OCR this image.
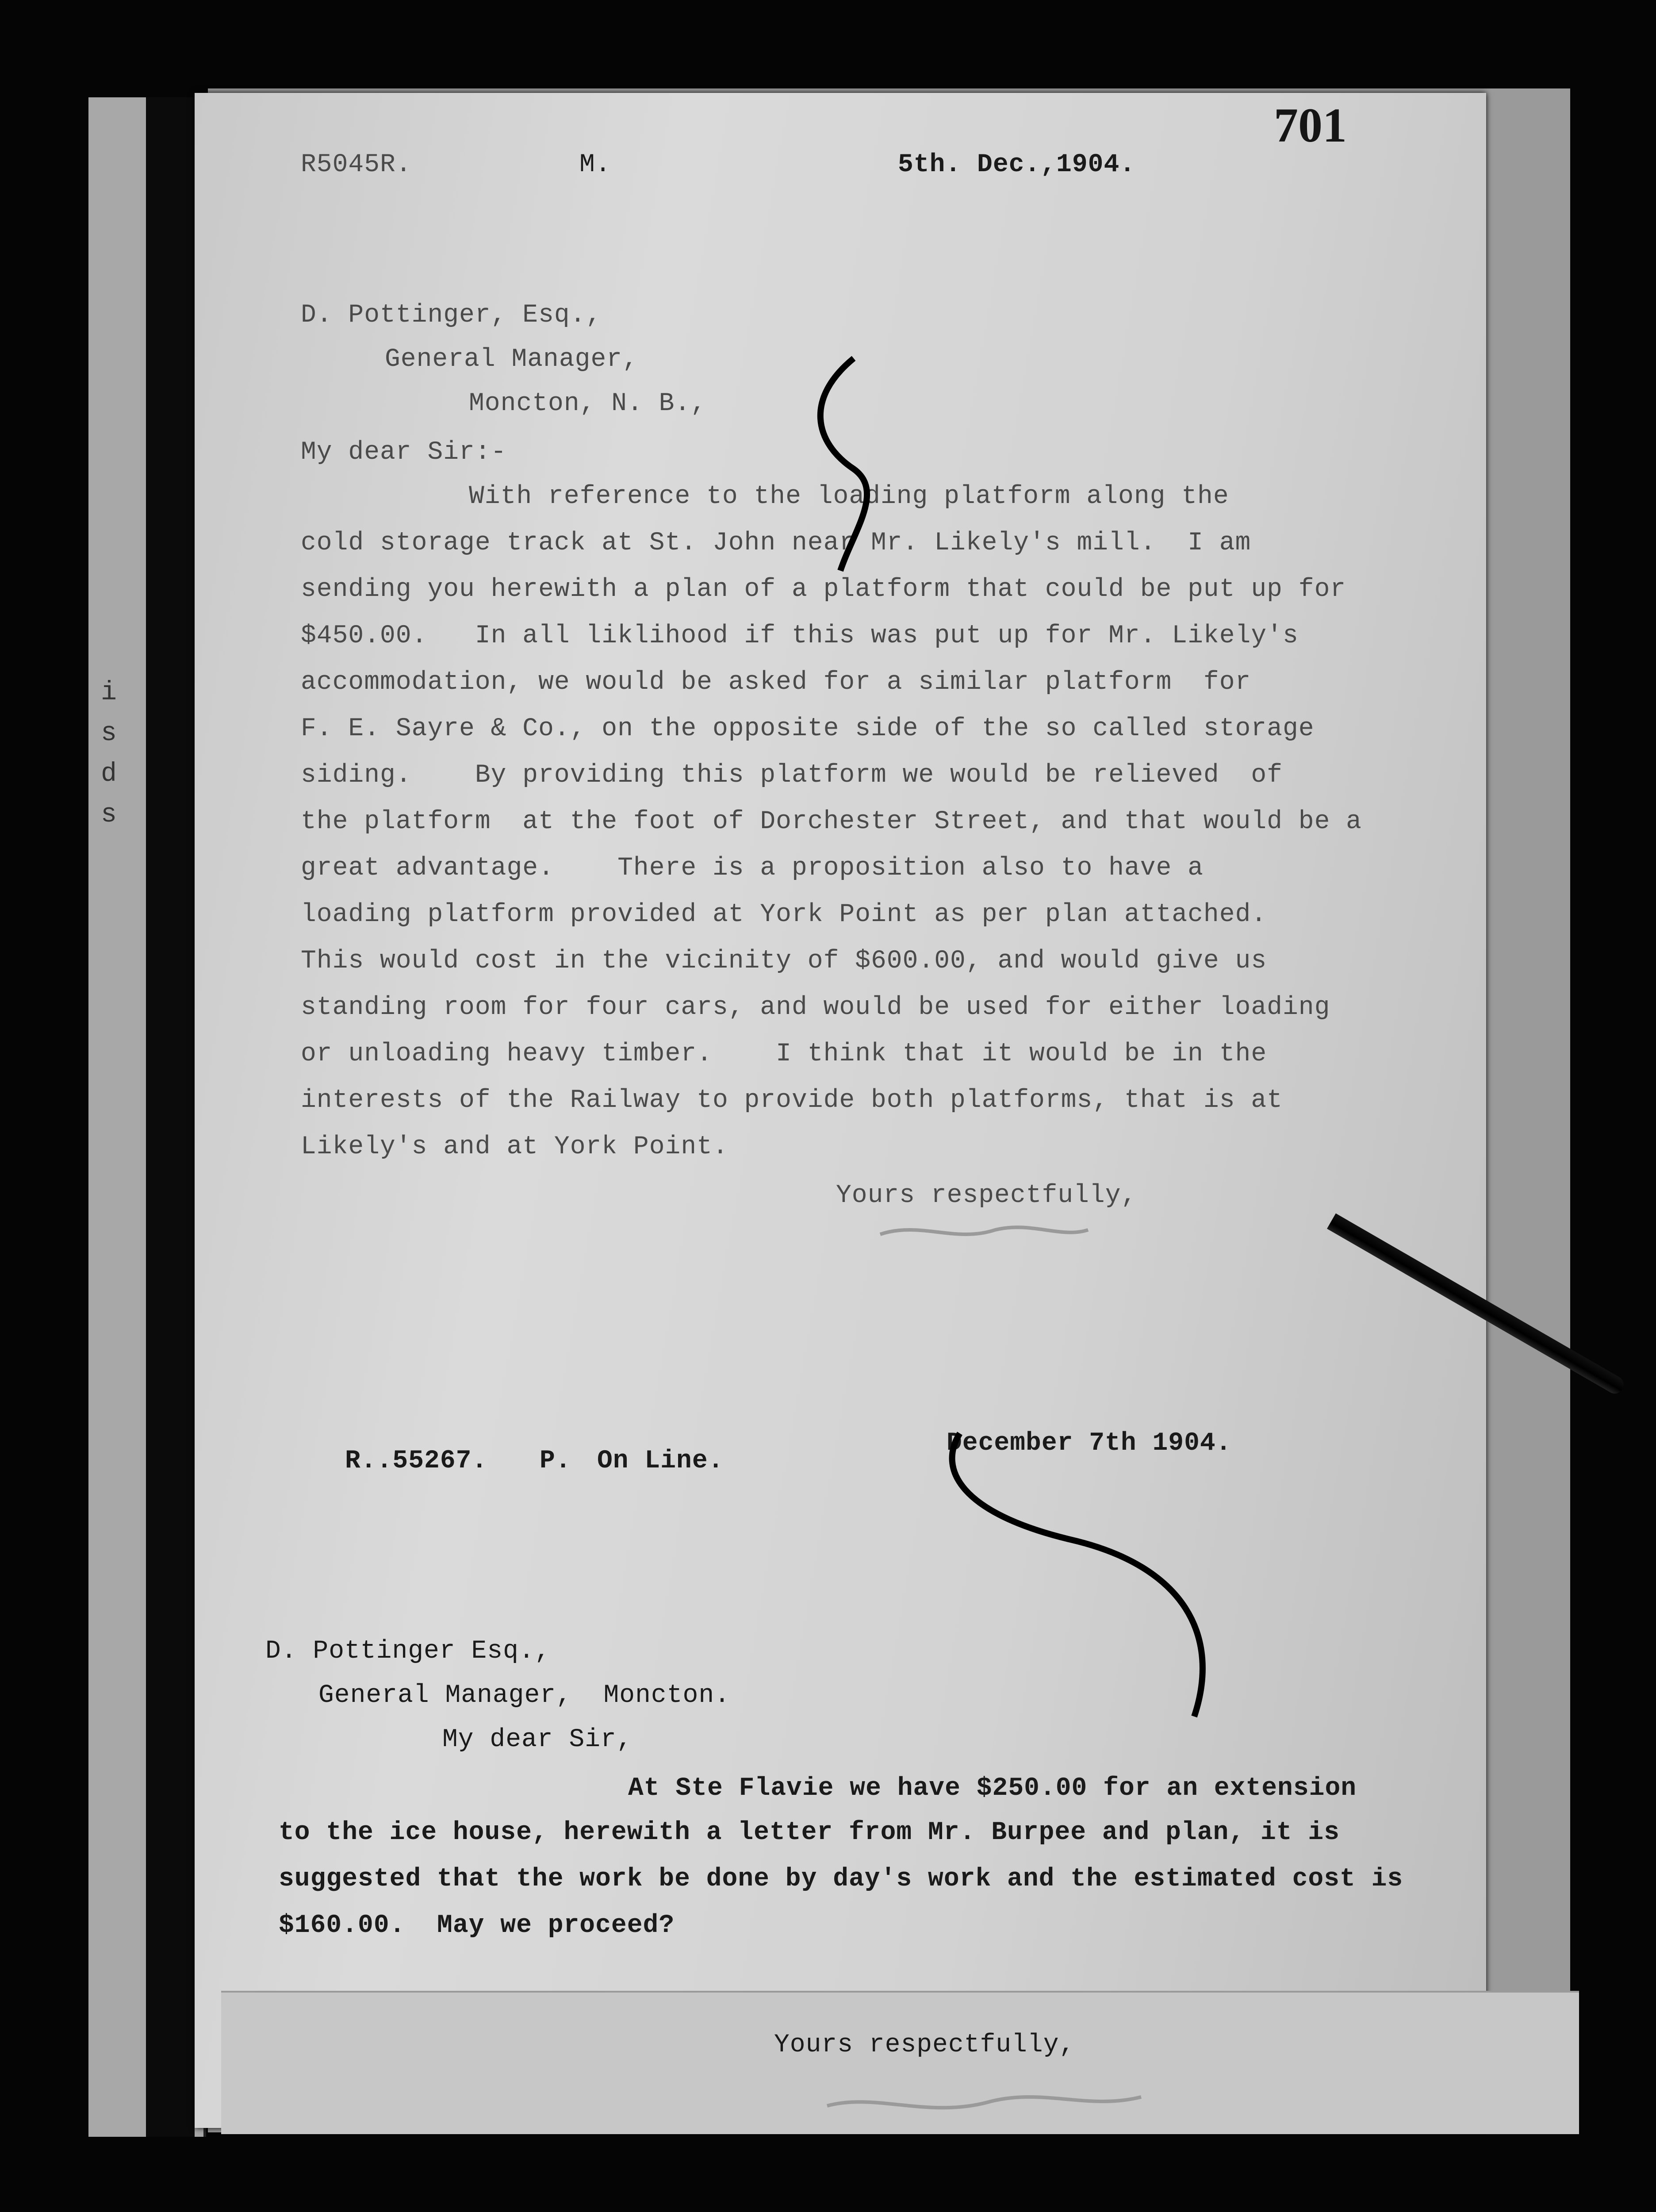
i
s
d
s
701
R5045R.	M.	5th. Dec.,1904.
D. Pottinger, Esq.,
General Manager,
Moncton, N. B.,
My dear Sir:-
With reference to the loading platform along the
cold storage track at St. John near Mr. Likely's mill.  I am
sending you herewith a plan of a platform that could be put up for
$450.00.   In all liklihood if this was put up for Mr. Likely's
accommodation, we would be asked for a similar platform  for
F. E. Sayre & Co., on the opposite side of the so called storage
siding.    By providing this platform we would be relieved  of
the platform  at the foot of Dorchester Street, and that would be a
great advantage.    There is a proposition also to have a
loading platform provided at York Point as per plan attached.
This would cost in the vicinity of $600.00, and would give us
standing room for four cars, and would be used for either loading
or unloading heavy timber.    I think that it would be in the
interests of the Railway to provide both platforms, that is at
Likely's and at York Point.
Yours respectfully,
R..55267. P. On Line.
December 7th 1904.
D. Pottinger Esq.,
General Manager,  Moncton.
My dear Sir,
At Ste Flavie we have $250.00 for an extension
to the ice house, herewith a letter from Mr. Burpee and plan, it is
suggested that the work be done by day's work and the estimated cost is
$160.00.  May we proceed?
Yours respectfully,
